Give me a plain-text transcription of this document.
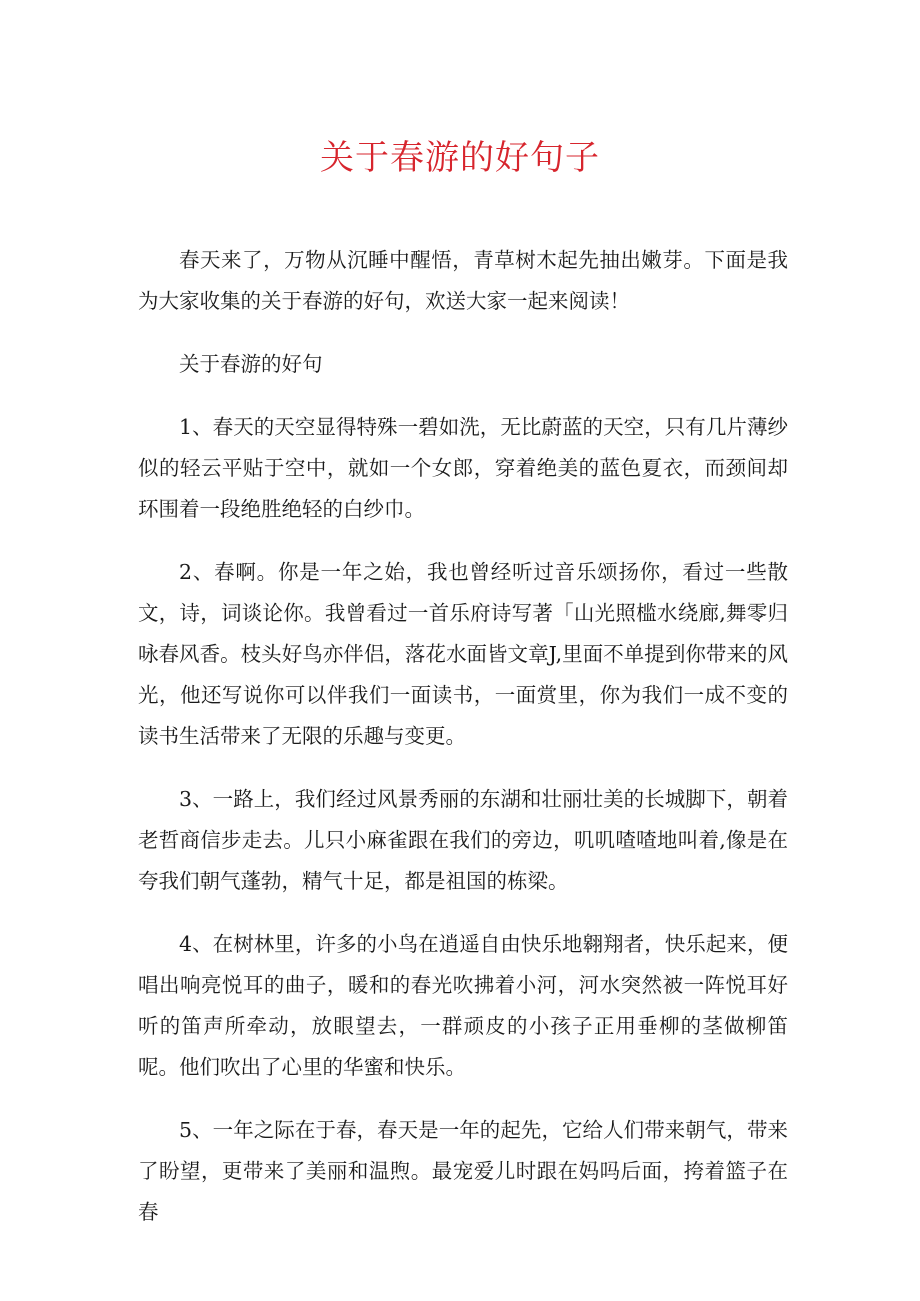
关于春游的好句子

春天来了，万物从沉睡中醒悟，青草树木起先抽出嫩芽。下面是我为大家收集的关于春游的好句，欢送大家一起来阅读！

关于春游的好句

1、春天的天空显得特殊一碧如洗，无比蔚蓝的天空，只有几片薄纱似的轻云平贴于空中，就如一个女郎，穿着绝美的蓝色夏衣，而颈间却环围着一段绝胜绝轻的白纱巾。

2、春啊。你是一年之始，我也曾经听过音乐颂扬你，看过一些散文，诗，词谈论你。我曾看过一首乐府诗写著「山光照槛水绕廊,舞零归咏春风香。枝头好鸟亦伴侣，落花水面皆文章J,里面不单提到你带来的风光，他还写说你可以伴我们一面读书，一面赏里，你为我们一成不变的读书生活带来了无限的乐趣与变更。

3、一路上，我们经过风景秀丽的东湖和壮丽壮美的长城脚下，朝着老哲商信步走去。儿只小麻雀跟在我们的旁边，叽叽喳喳地叫着,像是在夸我们朝气蓬勃，精气十足，都是祖国的栋梁。

4、在树林里，许多的小鸟在逍遥自由快乐地翱翔者，快乐起来，便唱出响亮悦耳的曲子，暖和的春光吹拂着小河，河水突然被一阵悦耳好听的笛声所牵动，放眼望去，一群顽皮的小孩子正用垂柳的茎做柳笛呢。他们吹出了心里的华蜜和快乐。

5、一年之际在于春，春天是一年的起先，它给人们带来朝气，带来了盼望，更带来了美丽和温煦。最宠爱儿时跟在妈吗后面，挎着篮子在春
